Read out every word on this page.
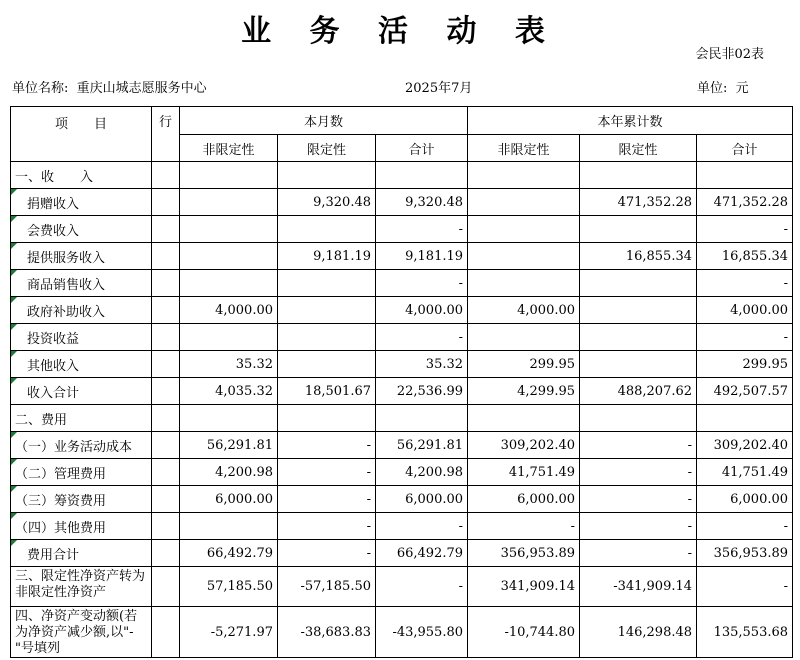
业 务 活 动 表
会民非02表
单位名称: 重庆山城志愿服务中心	2025年7月	单位: 元
项　　目	行	本月数			本年累计数		
		非限定性	限定性	合计	非限定性	限定性	合计
一、收　　入							
捐赠收入			9,320.48	9,320.48		471,352.28	471,352.28
会费收入				-			-
提供服务收入			9,181.19	9,181.19		16,855.34	16,855.34
商品销售收入				-			-
政府补助收入		4,000.00		4,000.00	4,000.00		4,000.00
投资收益				-			-
其他收入		35.32		35.32	299.95		299.95
收入合计		4,035.32	18,501.67	22,536.99	4,299.95	488,207.62	492,507.57
二、费用							
（一）业务活动成本		56,291.81	-	56,291.81	309,202.40	-	309,202.40
（二）管理费用		4,200.98	-	4,200.98	41,751.49	-	41,751.49
（三）筹资费用		6,000.00	-	6,000.00	6,000.00	-	6,000.00
（四）其他费用			-	-	-	-	-
费用合计		66,492.79	-	66,492.79	356,953.89	-	356,953.89
三、限定性净资产转为非限定性净资产		57,185.50	-57,185.50	-	341,909.14	-341,909.14	-
四、净资产变动额(若为净资产减少额,以"-"号填列		-5,271.97	-38,683.83	-43,955.80	-10,744.80	146,298.48	135,553.68
